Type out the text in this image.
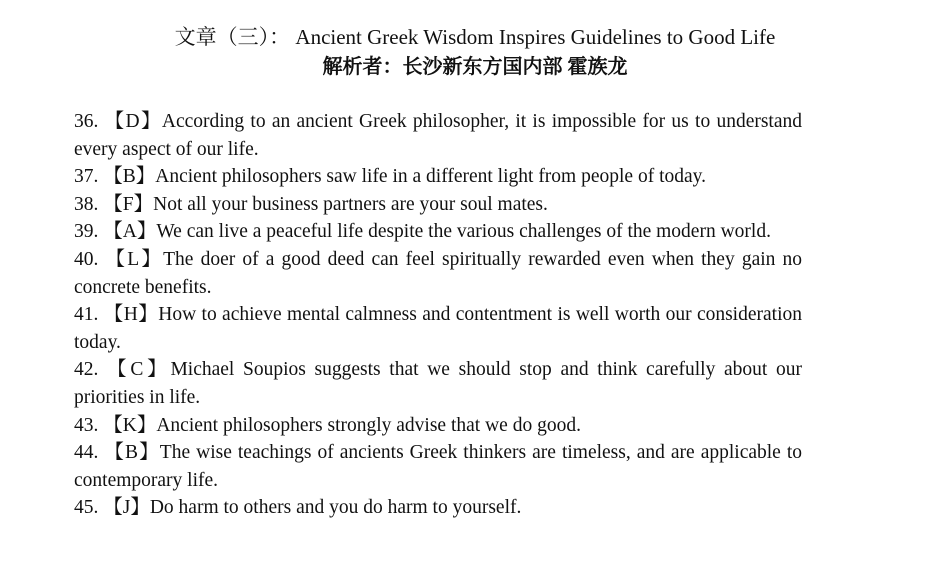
文章（三）： Ancient Greek Wisdom Inspires Guidelines to Good Life
解析者：长沙新东方国内部 霍族龙

36. 【D】According to an ancient Greek philosopher, it is impossible for us to understand every aspect of our life.

37. 【B】Ancient philosophers saw life in a different light from people of today.

38. 【F】Not all your business partners are your soul mates.

39. 【A】We can live a peaceful life despite the various challenges of the modern world.

40. 【L】The doer of a good deed can feel spiritually rewarded even when they gain no concrete benefits.

41. 【H】How to achieve mental calmness and contentment is well worth our consideration today.

42. 【C】Michael Soupios suggests that we should stop and think carefully about our priorities in life.

43. 【K】Ancient philosophers strongly advise that we do good.

44. 【B】The wise teachings of ancients Greek thinkers are timeless, and are applicable to contemporary life.

45. 【J】Do harm to others and you do harm to yourself.
